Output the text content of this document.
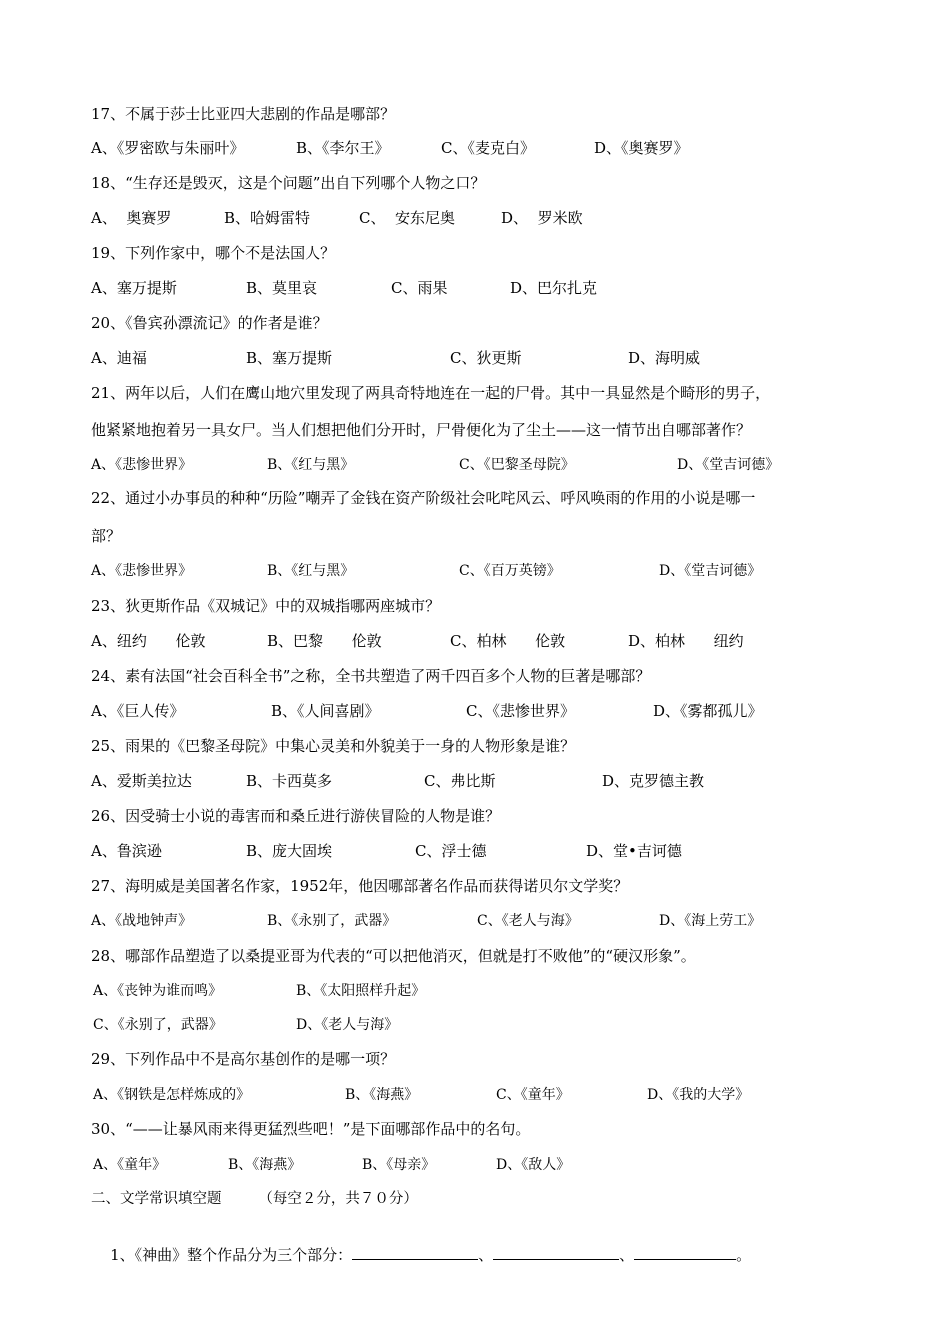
17、不属于莎士比亚四大悲剧的作品是哪部？

A、《罗密欧与朱丽叶》

	B、《李尔王》

	C、《麦克白》

	D、《奥赛罗》

18、“生存还是毁灭，这是个问题”出自下列哪个人物之口？

A、  奥赛罗

	B、哈姆雷特

	C、  安东尼奥

	D、  罗米欧

19、下列作家中，哪个不是法国人？

A、塞万提斯

	B、莫里哀

	C、雨果

	D、巴尔扎克

20、《鲁宾孙漂流记》的作者是谁？

A、迪福

	B、塞万提斯

	C、狄更斯

	D、海明威

21、两年以后，人们在鹰山地穴里发现了两具奇特地连在一起的尸骨。其中一具显然是个畸形的男子，

他紧紧地抱着另一具女尸。当人们想把他们分开时，尸骨便化为了尘土——这一情节出自哪部著作？

A、《悲惨世界》

	B、《红与黑》

	C、《巴黎圣母院》

	D、《堂吉诃德》

22、通过小办事员的种种“历险”嘲弄了金钱在资产阶级社会叱咤风云、呼风唤雨的作用的小说是哪一

部？

A、《悲惨世界》

	B、《红与黑》

	C、《百万英镑》

	D、《堂吉诃德》

23、狄更斯作品《双城记》中的双城指哪两座城市？

A、纽约      伦敦

	B、巴黎      伦敦

	C、柏林      伦敦

	D、柏林      纽约

24、素有法国“社会百科全书”之称，全书共塑造了两千四百多个人物的巨著是哪部？

A、《巨人传》

	B、《人间喜剧》

	C、《悲惨世界》

	D、《雾都孤儿》

25、雨果的《巴黎圣母院》中集心灵美和外貌美于一身的人物形象是谁？

A、爱斯美拉达

	B、卡西莫多

	C、弗比斯

	D、克罗德主教

26、因受骑士小说的毒害而和桑丘进行游侠冒险的人物是谁？

A、鲁滨逊

	B、庞大固埃

	C、浮士德

	D、堂•吉诃德

27、海明威是美国著名作家，1952年，他因哪部著名作品而获得诺贝尔文学奖？

A、《战地钟声》

	B、《永别了，武器》

	C、《老人与海》

	D、《海上劳工》

28、哪部作品塑造了以桑提亚哥为代表的“可以把他消灭，但就是打不败他”的“硬汉形象”。

A、《丧钟为谁而鸣》

	B、《太阳照样升起》

C、《永别了，武器》

	D、《老人与海》

29、下列作品中不是高尔基创作的是哪一项？

A、《钢铁是怎样炼成的》

	B、《海燕》

	C、《童年》

	D、《我的大学》

30、“——让暴风雨来得更猛烈些吧！”是下面哪部作品中的名句。

A、《童年》

	B、《海燕》

	B、《母亲》

	D、《敌人》

二、文学常识填空题        （每空２分，共７０分）

1、《神曲》整个作品分为三个部分：	、	、	。
